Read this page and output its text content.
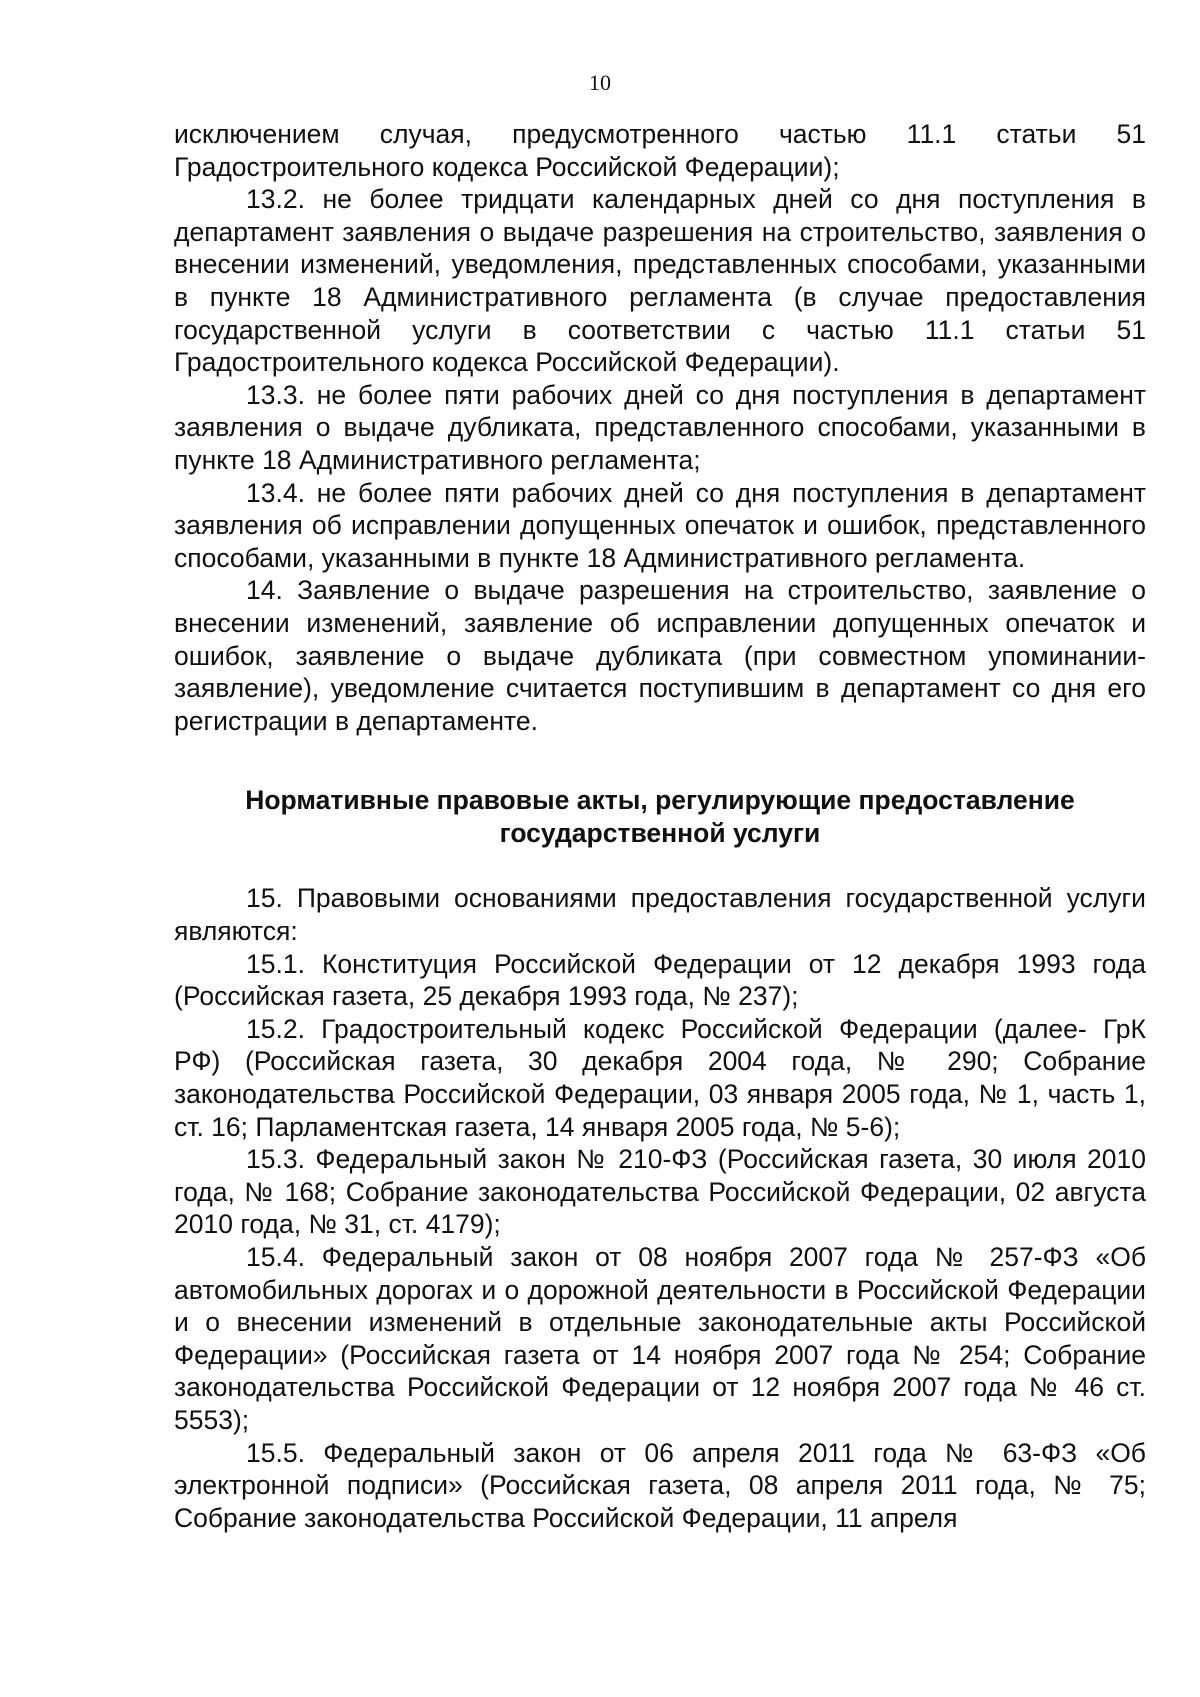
10

исключением случая, предусмотренного частью 11.1 статьи 51 Градостроительного кодекса Российской Федерации);

13.2. не более тридцати календарных дней со дня поступления в департамент заявления о выдаче разрешения на строительство, заявления о внесении изменений, уведомления, представленных способами, указанными в пункте 18 Административного регламента (в случае предоставления государственной услуги в соответствии с частью 11.1 статьи 51 Градостроительного кодекса Российской Федерации).

13.3. не более пяти рабочих дней со дня поступления в департамент заявления о выдаче дубликата, представленного способами, указанными в пункте 18 Административного регламента;

13.4. не более пяти рабочих дней со дня поступления в департамент заявления об исправлении допущенных опечаток и ошибок, представленного способами, указанными в пункте 18 Административного регламента.

14. Заявление о выдаче разрешения на строительство, заявление о внесении изменений, заявление об исправлении допущенных опечаток и ошибок, заявление о выдаче дубликата (при совместном упоминании- заявление), уведомление считается поступившим в департамент со дня его регистрации в департаменте.

Нормативные правовые акты, регулирующие предоставление
государственной услуги

15. Правовыми основаниями предоставления государственной услуги являются:

15.1. Конституция Российской Федерации от 12 декабря 1993 года (Российская газета, 25 декабря 1993 года, № 237);

15.2. Градостроительный кодекс Российской Федерации (далее- ГрК РФ) (Российская газета, 30 декабря 2004 года, № 290; Собрание законодательства Российской Федерации, 03 января 2005 года, № 1, часть 1, ст. 16; Парламентская газета, 14 января 2005 года, № 5-6);

15.3. Федеральный закон № 210-ФЗ (Российская газета, 30 июля 2010 года, № 168; Собрание законодательства Российской Федерации, 02 августа 2010 года, № 31, ст. 4179);

15.4. Федеральный закон от 08 ноября 2007 года № 257-ФЗ «Об автомобильных дорогах и о дорожной деятельности в Российской Федерации и о внесении изменений в отдельные законодательные акты Российской Федерации» (Российская газета от 14 ноября 2007 года № 254; Собрание законодательства Российской Федерации от 12 ноября 2007 года № 46 ст. 5553);

15.5. Федеральный закон от 06 апреля 2011 года № 63-ФЗ «Об электронной подписи» (Российская газета, 08 апреля 2011 года, № 75; Собрание законодательства Российской Федерации, 11 апреля
